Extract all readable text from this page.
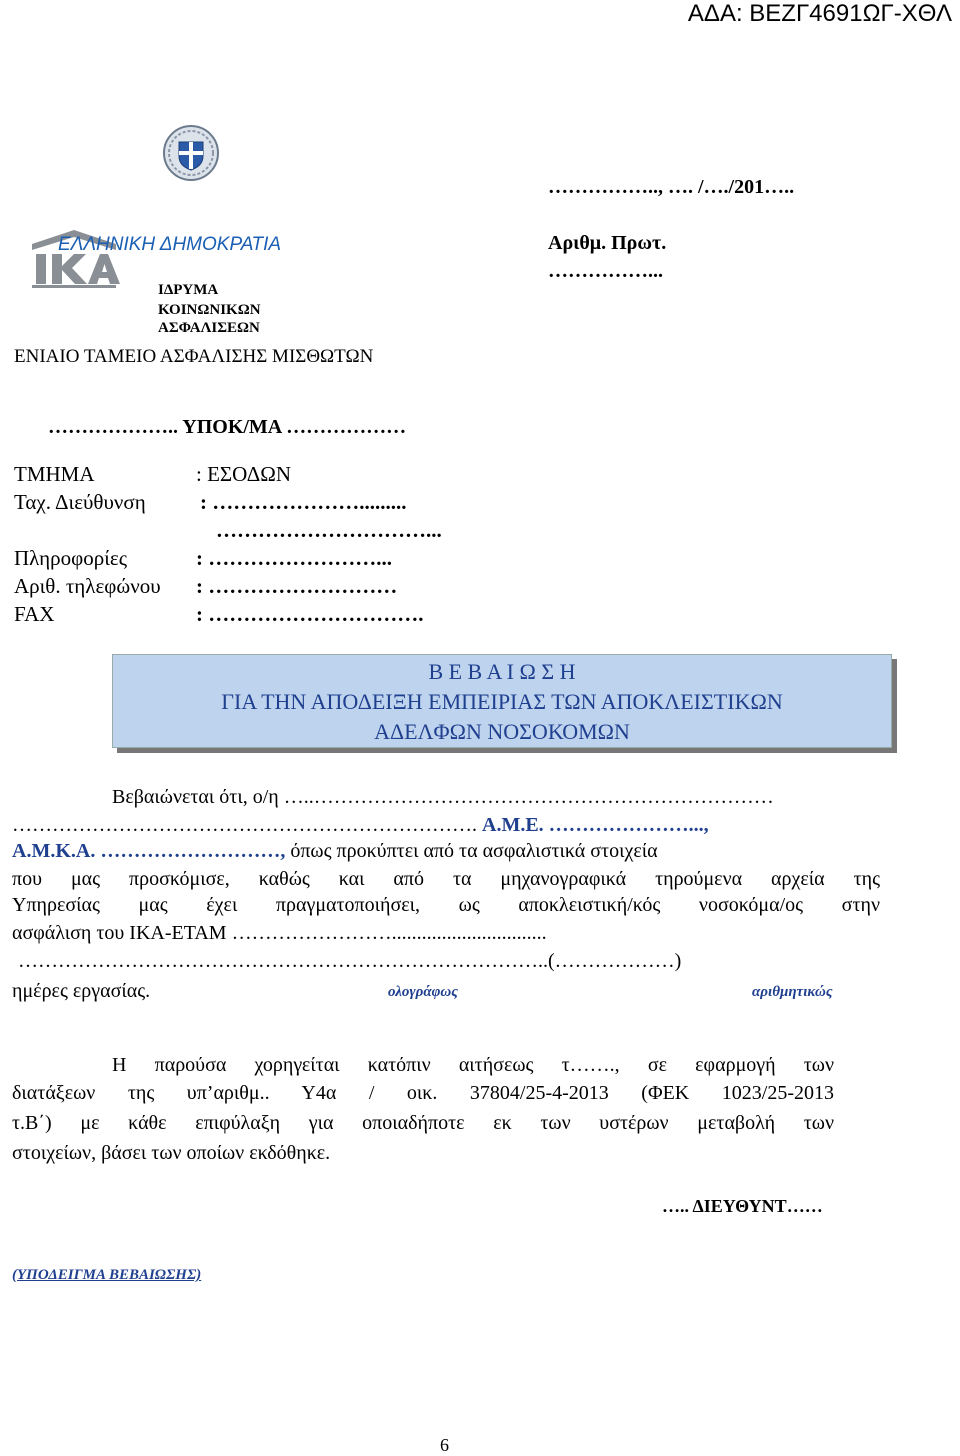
ΑΔΑ: ΒΕΖΓ4691ΩΓ-ΧΘΛ
ΕΛΛΗΝΙΚΗ ΔΗΜΟΚΡΑΤΙΑ
ΙΔΡΥΜΑ
ΚΟΙΝΩΝΙΚΩΝ
ΑΣΦΑΛΙΣΕΩΝ
ΕΝΙΑΙΟ ΤΑΜΕΙΟ ΑΣΦΑΛΙΣΗΣ ΜΙΣΘΩΤΩΝ
…………….., …. /…./201…..
Αριθμ. Πρωτ.
……………...
……………….. ΥΠΟΚ/ΜΑ ………………
ΤΜΗΜΑ	: ΕΣΟΔΩΝ
Ταχ. Διεύθυνση	: ………………….........
…………………………...
Πληροφορίες	: ……………………...
Αριθ. τηλεφώνου : ………………………
FAX	: ………………………….
Β Ε Β Α Ι Ω Σ Η
ΓΙΑ ΤΗΝ ΑΠΟΔΕΙΞΗ ΕΜΠΕΙΡΙΑΣ ΤΩΝ ΑΠΟΚΛΕΙΣΤΙΚΩΝ
ΑΔΕΛΦΩΝ ΝΟΣΟΚΟΜΩΝ
Βεβαιώνεται ότι, ο/η …..……………………………………………………………
……………………………………………………………. Α.Μ.Ε. …………………...,
Α.Μ.Κ.Α. ………………………, όπως προκύπτει από τα ασφαλιστικά στοιχεία
που μας προσκόμισε, καθώς και από τα μηχανογραφικά τηρούμενα αρχεία της
Υπηρεσίας μας έχει πραγματοποιήσει, ως αποκλειστική/κός νοσοκόμα/ος στην
ασφάλιση του ΙΚΑ-ΕΤΑΜ ……………………...............................
……………………………………………………………………..(………………)
ημέρες εργασίας.	ολογράφως	αριθμητικώς
Η παρούσα χορηγείται κατόπιν αιτήσεως τ……., σε εφαρμογή των
διατάξεων της υπ’αριθμ.. Υ4α / οικ. 37804/25-4-2013 (ΦΕΚ 1023/25-2013
τ.Β΄) με κάθε επιφύλαξη για οποιαδήποτε εκ των υστέρων μεταβολή των
στοιχείων, βάσει των οποίων εκδόθηκε.
….. ΔΙΕΥΘΥΝΤ……
(ΥΠΟΔΕΙΓΜΑ ΒΕΒΑΙΩΣΗΣ)
6
